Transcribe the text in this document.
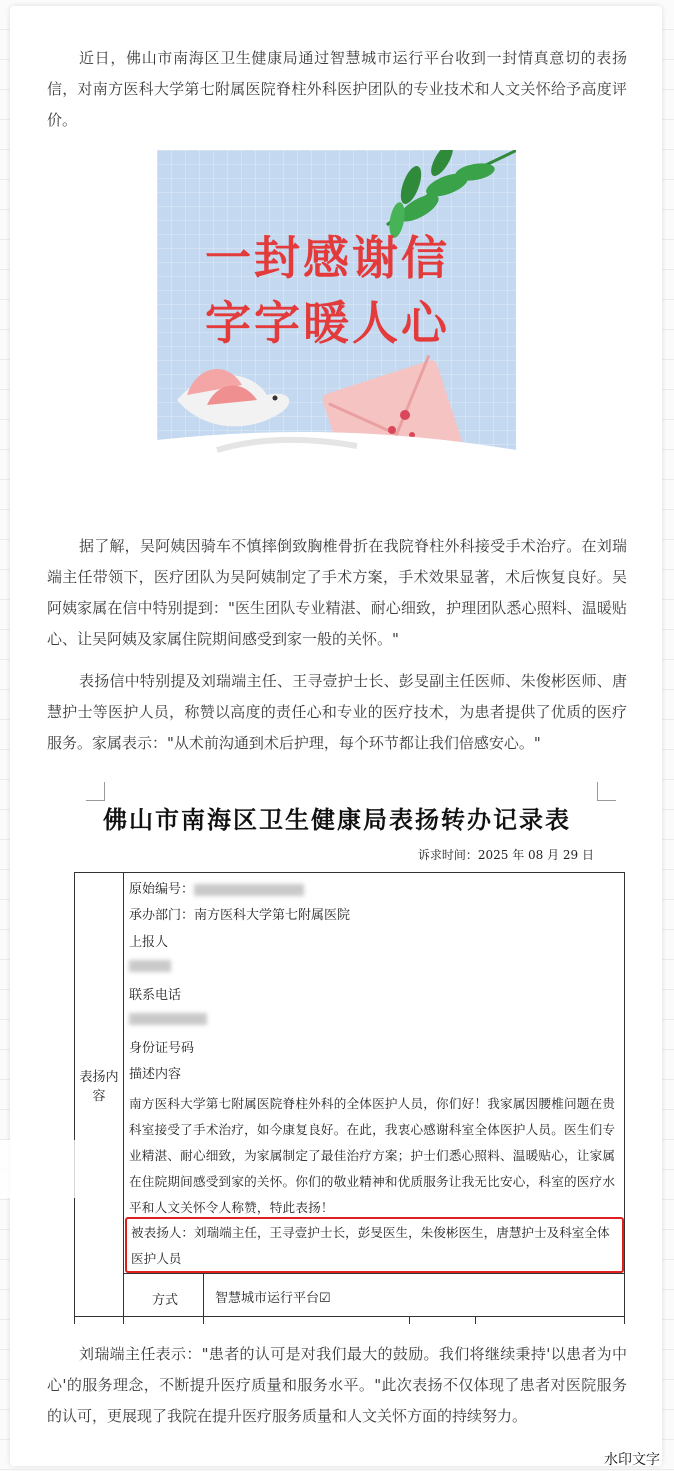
近日，佛山市南海区卫生健康局通过智慧城市运行平台收到一封情真意切的表扬信，对南方医科大学第七附属医院脊柱外科医护团队的专业技术和人文关怀给予高度评价。

一封感谢信
字字暖人心

据了解，吴阿姨因骑车不慎摔倒致胸椎骨折在我院脊柱外科接受手术治疗。在刘瑞端主任带领下，医疗团队为吴阿姨制定了手术方案，手术效果显著，术后恢复良好。吴阿姨家属在信中特别提到："医生团队专业精湛、耐心细致，护理团队悉心照料、温暖贴心、让吴阿姨及家属住院期间感受到家一般的关怀。"

表扬信中特别提及刘瑞端主任、王寻壹护士长、彭旻副主任医师、朱俊彬医师、唐慧护士等医护人员，称赞以高度的责任心和专业的医疗技术，为患者提供了优质的医疗服务。家属表示："从术前沟通到术后护理，每个环节都让我们倍感安心。"

佛山市南海区卫生健康局表扬转办记录表
诉求时间：2025 年 08 月 29 日
表扬内容
原始编号：
承办部门：南方医科大学第七附属医院
上报人
联系电话
身份证号码
描述内容
南方医科大学第七附属医院脊柱外科的全体医护人员，你们好！我家属因腰椎问题在贵科室接受了手术治疗，如今康复良好。在此，我衷心感谢科室全体医护人员。医生们专业精湛、耐心细致，为家属制定了最佳治疗方案；护士们悉心照料、温暖贴心，让家属在住院期间感受到家的关怀。你们的敬业精神和优质服务让我无比安心，科室的医疗水平和人文关怀令人称赞，特此表扬！
被表扬人：刘瑞端主任，王寻壹护士长，彭旻医生，朱俊彬医生，唐慧护士及科室全体医护人员
方式	智慧城市运行平台☑

刘瑞端主任表示："患者的认可是对我们最大的鼓励。我们将继续秉持'以患者为中心'的服务理念，不断提升医疗质量和服务水平。"此次表扬不仅体现了患者对医院服务的认可，更展现了我院在提升医疗服务质量和人文关怀方面的持续努力。

水印文字
